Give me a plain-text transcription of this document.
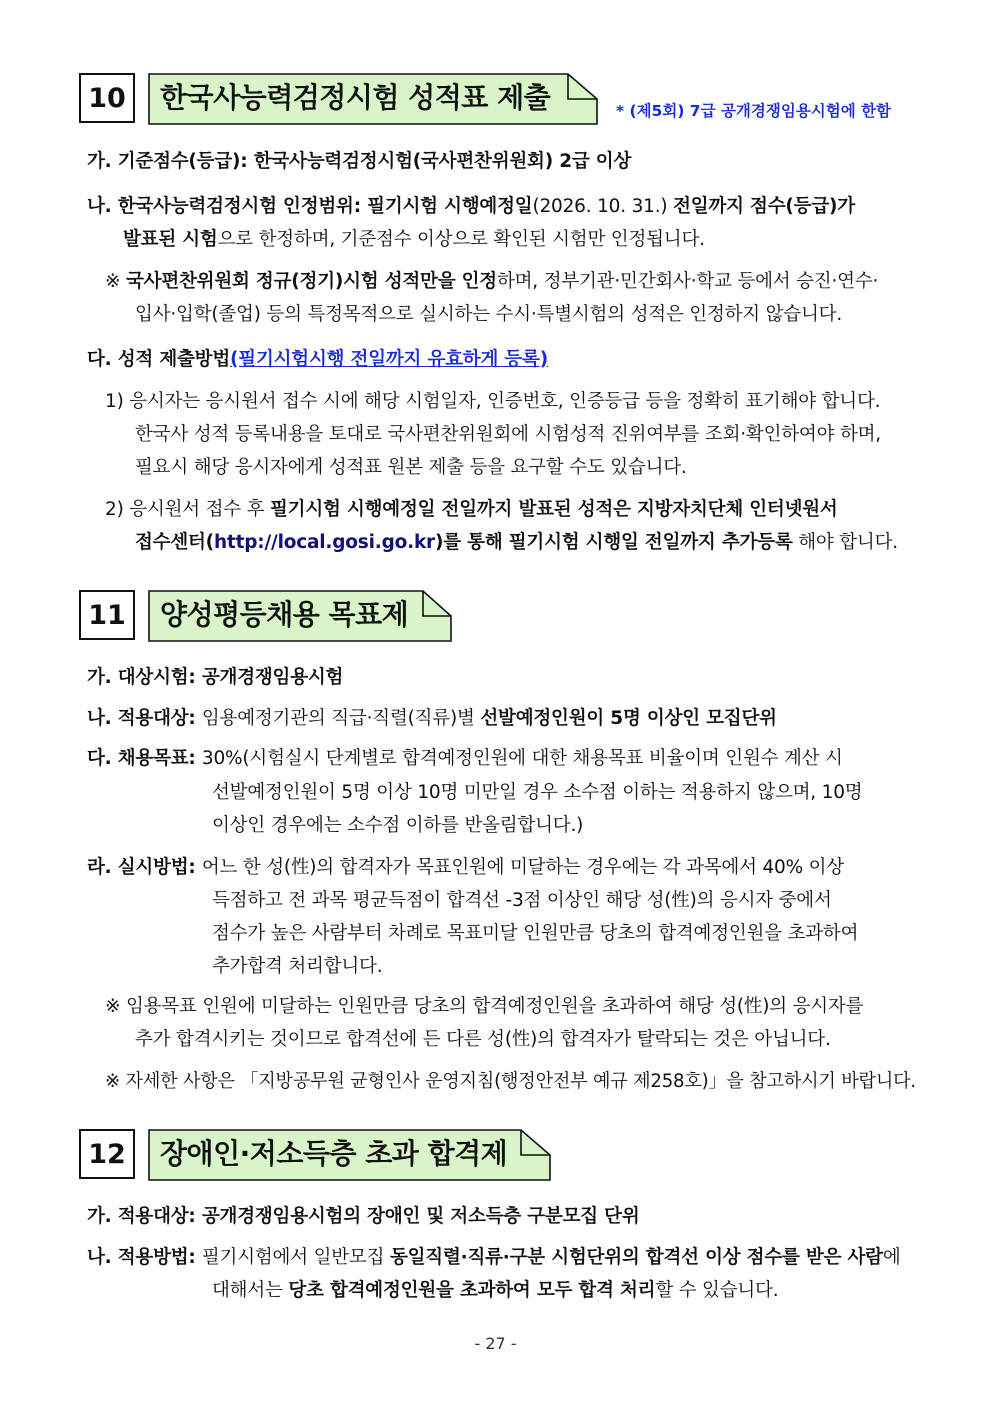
10	한국사능력검정시험 성적표 제출	* (제5회) 7급 공개경쟁임용시험에 한함
가. 기준점수(등급): 한국사능력검정시험(국사편찬위원회) 2급 이상
나. 한국사능력검정시험 인정범위: 필기시험 시행예정일(2026. 10. 31.) 전일까지 점수(등급)가
발표된 시험으로 한정하며, 기준점수 이상으로 확인된 시험만 인정됩니다.
※ 국사편찬위원회 정규(정기)시험 성적만을 인정하며, 정부기관·민간회사·학교 등에서 승진·연수·
입사·입학(졸업) 등의 특정목적으로 실시하는 수시·특별시험의 성적은 인정하지 않습니다.
다. 성적 제출방법(필기시험시행 전일까지 유효하게 등록)
1) 응시자는 응시원서 접수 시에 해당 시험일자, 인증번호, 인증등급 등을 정확히 표기해야 합니다.
한국사 성적 등록내용을 토대로 국사편찬위원회에 시험성적 진위여부를 조회·확인하여야 하며,
필요시 해당 응시자에게 성적표 원본 제출 등을 요구할 수도 있습니다.
2) 응시원서 접수 후 필기시험 시행예정일 전일까지 발표된 성적은 지방자치단체 인터넷원서
접수센터(http://local.gosi.go.kr)를 통해 필기시험 시행일 전일까지 추가등록 해야 합니다.
11	양성평등채용 목표제
가. 대상시험: 공개경쟁임용시험
나. 적용대상: 임용예정기관의 직급·직렬(직류)별 선발예정인원이 5명 이상인 모집단위
다. 채용목표: 30%(시험실시 단계별로 합격예정인원에 대한 채용목표 비율이며 인원수 계산 시
선발예정인원이 5명 이상 10명 미만일 경우 소수점 이하는 적용하지 않으며, 10명
이상인 경우에는 소수점 이하를 반올림합니다.)
라. 실시방법: 어느 한 성(性)의 합격자가 목표인원에 미달하는 경우에는 각 과목에서 40% 이상
득점하고 전 과목 평균득점이 합격선 -3점 이상인 해당 성(性)의 응시자 중에서
점수가 높은 사람부터 차례로 목표미달 인원만큼 당초의 합격예정인원을 초과하여
추가합격 처리합니다.
※ 임용목표 인원에 미달하는 인원만큼 당초의 합격예정인원을 초과하여 해당 성(性)의 응시자를
추가 합격시키는 것이므로 합격선에 든 다른 성(性)의 합격자가 탈락되는 것은 아닙니다.
※ 자세한 사항은 「지방공무원 균형인사 운영지침(행정안전부 예규 제258호)」을 참고하시기 바랍니다.
12	장애인·저소득층 초과 합격제
가. 적용대상: 공개경쟁임용시험의 장애인 및 저소득층 구분모집 단위
나. 적용방법: 필기시험에서 일반모집 동일직렬·직류·구분 시험단위의 합격선 이상 점수를 받은 사람에
대해서는 당초 합격예정인원을 초과하여 모두 합격 처리할 수 있습니다.
- 27 -
